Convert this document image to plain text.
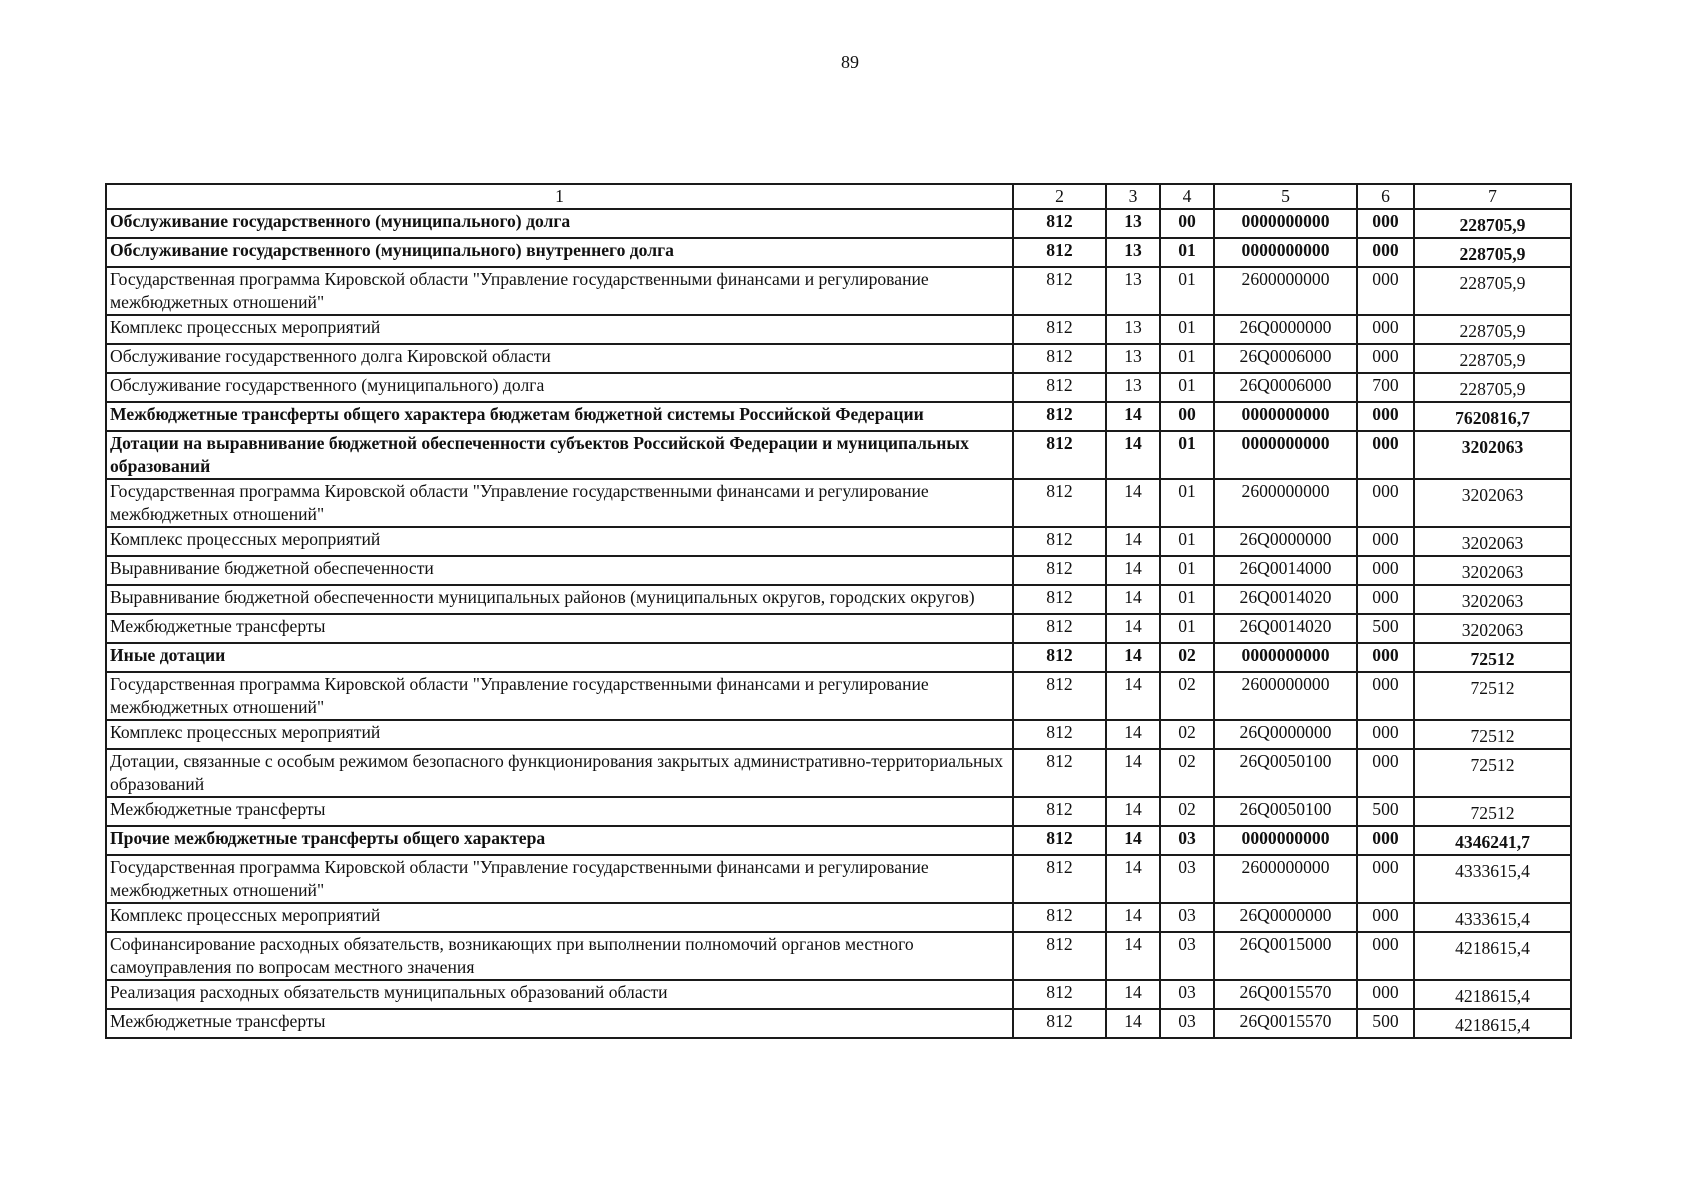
89
1	2	3	4	5	6	7
Обслуживание государственного (муниципального) долга	812	13	00	0000000000	000	228705,9
Обслуживание государственного (муниципального) внутреннего долга	812	13	01	0000000000	000	228705,9
Государственная программа Кировской области "Управление государственными финансами и регулирование межбюджетных отношений"	812	13	01	2600000000	000	228705,9
Комплекс процессных мероприятий	812	13	01	26Q0000000	000	228705,9
Обслуживание государственного долга Кировской области	812	13	01	26Q0006000	000	228705,9
Обслуживание государственного (муниципального) долга	812	13	01	26Q0006000	700	228705,9
Межбюджетные трансферты общего характера бюджетам бюджетной системы Российской Федерации	812	14	00	0000000000	000	7620816,7
Дотации на выравнивание бюджетной обеспеченности субъектов Российской Федерации и муниципальных образований	812	14	01	0000000000	000	3202063
Государственная программа Кировской области "Управление государственными финансами и регулирование межбюджетных отношений"	812	14	01	2600000000	000	3202063
Комплекс процессных мероприятий	812	14	01	26Q0000000	000	3202063
Выравнивание бюджетной обеспеченности	812	14	01	26Q0014000	000	3202063
Выравнивание бюджетной обеспеченности муниципальных районов (муниципальных округов, городских округов)	812	14	01	26Q0014020	000	3202063
Межбюджетные трансферты	812	14	01	26Q0014020	500	3202063
Иные дотации	812	14	02	0000000000	000	72512
Государственная программа Кировской области "Управление государственными финансами и регулирование межбюджетных отношений"	812	14	02	2600000000	000	72512
Комплекс процессных мероприятий	812	14	02	26Q0000000	000	72512
Дотации, связанные с особым режимом безопасного функционирования закрытых административно-территориальных образований	812	14	02	26Q0050100	000	72512
Межбюджетные трансферты	812	14	02	26Q0050100	500	72512
Прочие межбюджетные трансферты общего характера	812	14	03	0000000000	000	4346241,7
Государственная программа Кировской области "Управление государственными финансами и регулирование межбюджетных отношений"	812	14	03	2600000000	000	4333615,4
Комплекс процессных мероприятий	812	14	03	26Q0000000	000	4333615,4
Софинансирование расходных обязательств, возникающих при выполнении полномочий органов местного самоуправления по вопросам местного значения	812	14	03	26Q0015000	000	4218615,4
Реализация расходных обязательств муниципальных образований области	812	14	03	26Q0015570	000	4218615,4
Межбюджетные трансферты	812	14	03	26Q0015570	500	4218615,4
